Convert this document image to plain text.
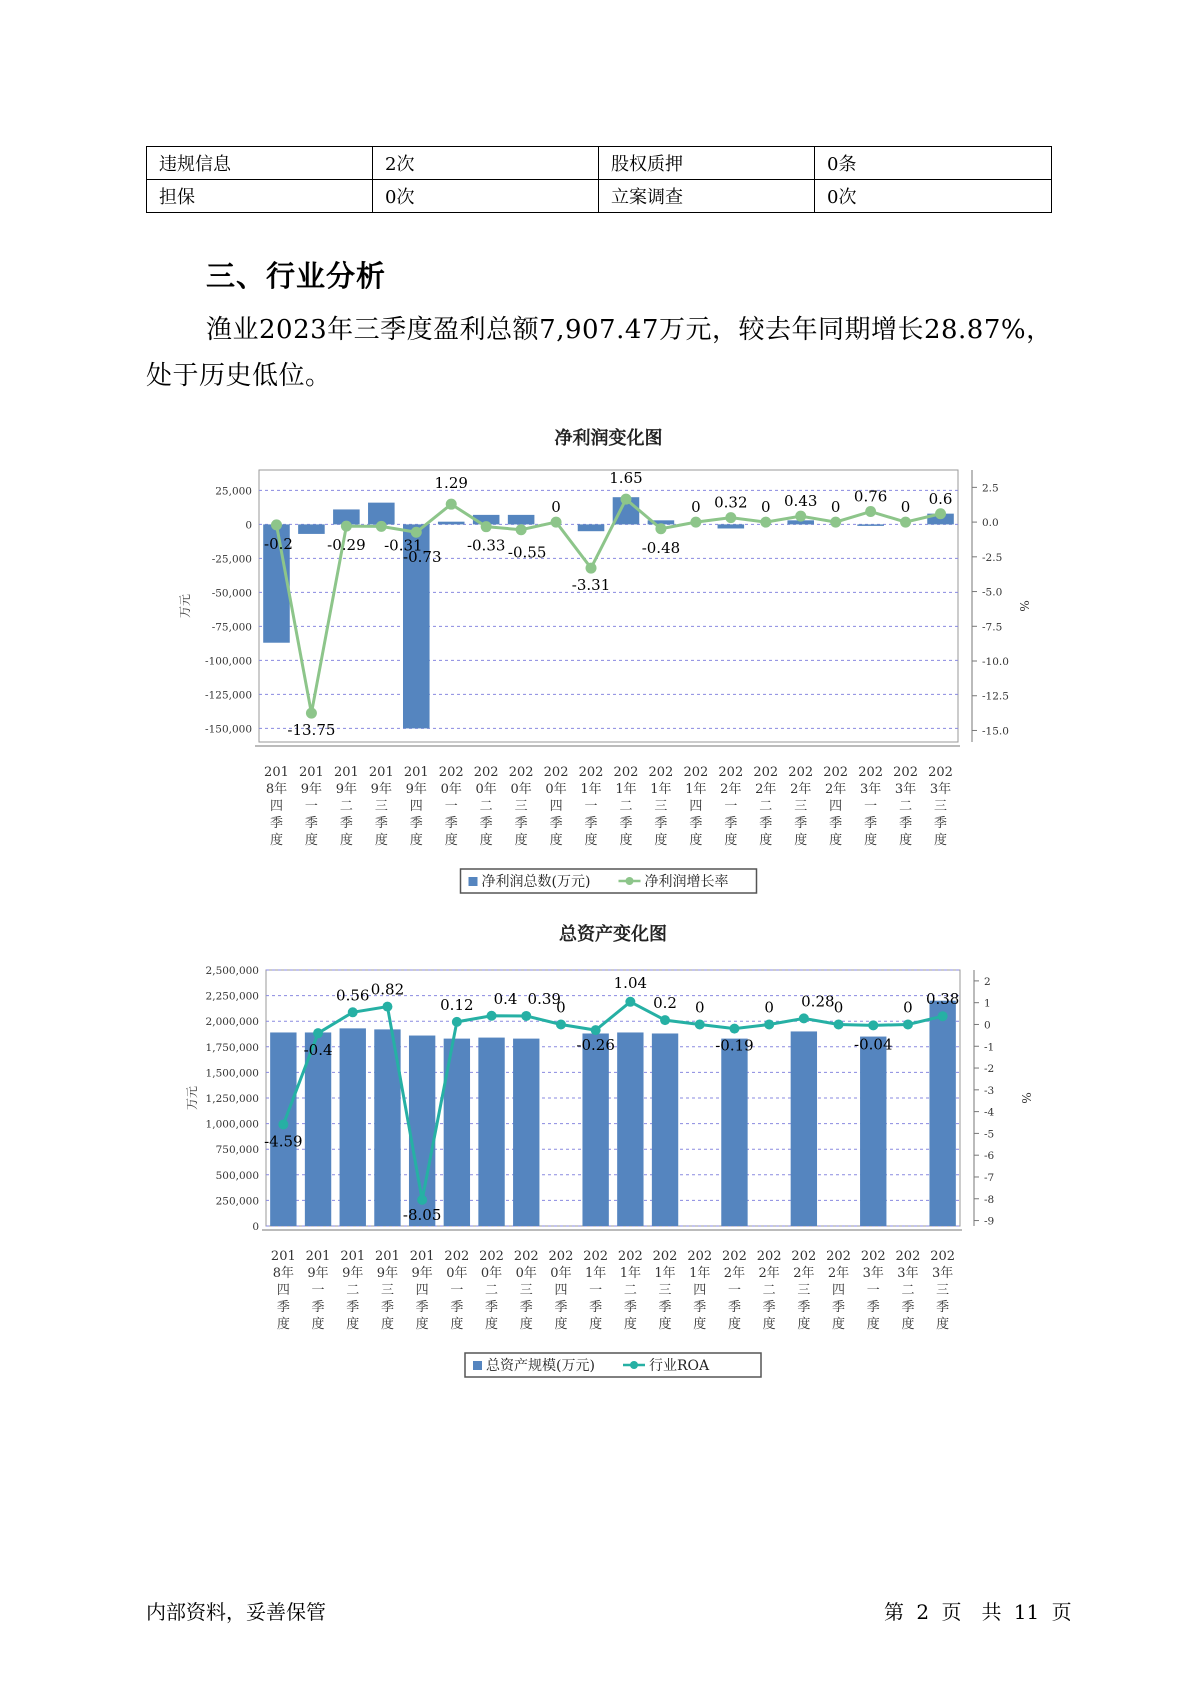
违规信息	2次	股权质押	0条
担保	0次	立案调查	0次
三、行业分析
渔业2023年三季度盈利总额7,907.47万元，较去年同期增长28.87%，处于历史低位。
净利润变化图
25,000
0
-25,000
-50,000
-75,000
-100,000
-125,000
-150,000
2.5
0.0
-2.5
-5.0
-7.5
-10.0
-12.5
-15.0
万元	%
-0.2
-13.75
-0.29 -0.31
-0.73
1.29
-0.33 -0.55
0
-3.31
1.65
-0.48
0 0.32 0 0.43 0
0.76
0 0.6
201
8年
四
季
度
201
9年
一
季
度
201
9年
二
季
度
201
9年
三
季
度
201
9年
四
季
度
202
0年
一
季
度
202
0年
二
季
度
202
0年
三
季
度
202
0年
四
季
度
202
1年
一
季
度
202
1年
二
季
度
202
1年
三
季
度
202
1年
四
季
度
202
2年
一
季
度
202
2年
二
季
度
202
2年
三
季
度
202
2年
四
季
度
202
3年
一
季
度
202
3年
二
季
度
202
3年
三
季
度
净利润总数(万元)	净利润增长率
总资产变化图
2,500,000
2,250,000
2,000,000
1,750,000
1,500,000
1,250,000
1,000,000
750,000
500,000
250,000
0
2
1
0
-1
-2
-3
-4
-5
-6
-7
-8
-9
万元	%
-4.59
-0.4
0.56 0.82
-8.05
0.12 0.4 0.39
0
-0.26
1.04
0.2 0
-0.19
0 0.28 0
-0.04
0 0.38
201
8年
四
季
度
201
9年
一
季
度
201
9年
二
季
度
201
9年
三
季
度
201
9年
四
季
度
202
0年
一
季
度
202
0年
二
季
度
202
0年
三
季
度
202
0年
四
季
度
202
1年
一
季
度
202
1年
二
季
度
202
1年
三
季
度
202
1年
四
季
度
202
2年
一
季
度
202
2年
二
季
度
202
2年
三
季
度
202
2年
四
季
度
202
3年
一
季
度
202
3年
二
季
度
202
3年
三
季
度
总资产规模(万元)	行业ROA
内部资料，妥善保管	第 2 页　共 11 页
